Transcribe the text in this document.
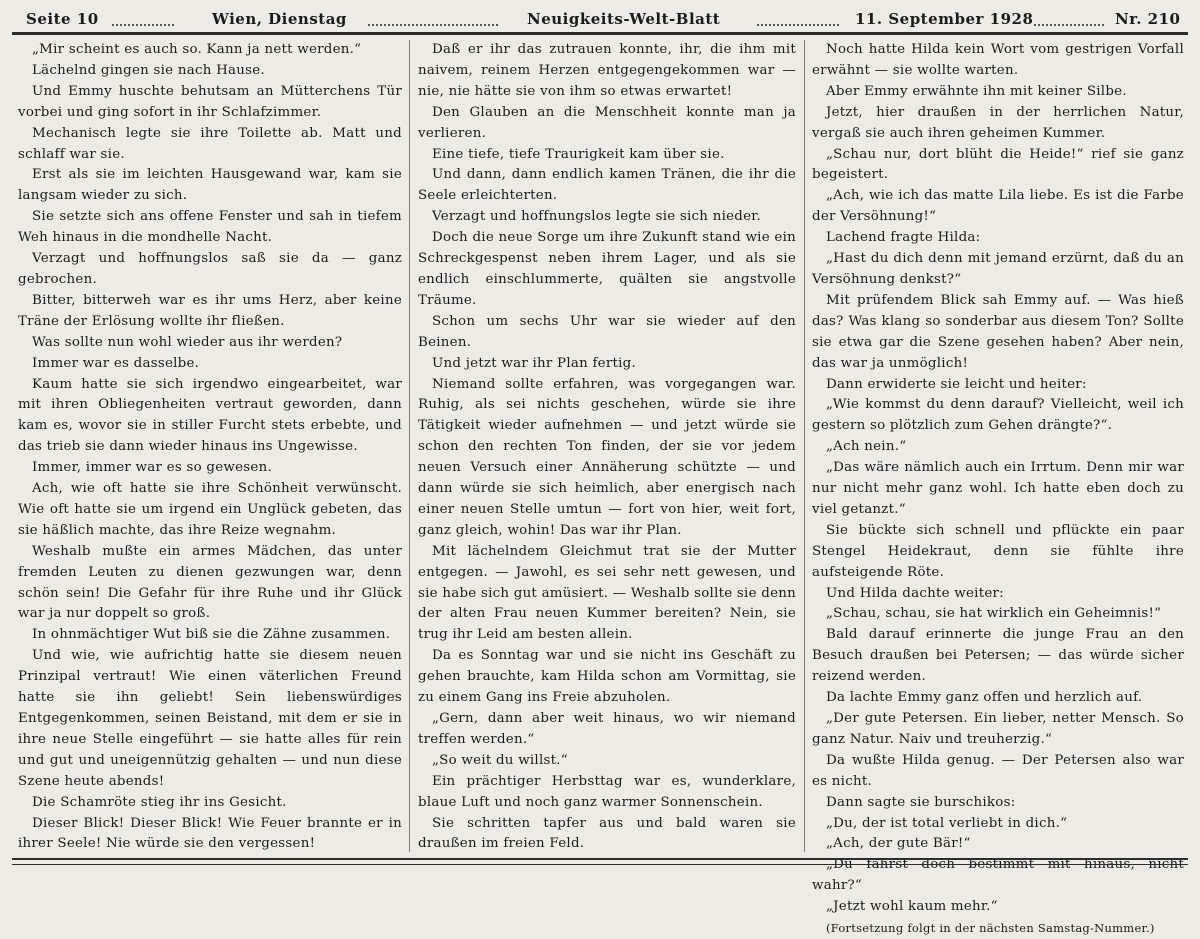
Seite 10	Wien, Dienstag	Neuigkeits-Welt-Blatt	11. September 1928	Nr. 210

„Mir scheint es auch so. Kann ja nett werden.“

Lächelnd gingen sie nach Hause.

Und Emmy huschte behutsam an Mütterchens Tür vorbei und ging sofort in ihr Schlafzimmer.

Mechanisch legte sie ihre Toilette ab. Matt und schlaff war sie.

Erst als sie im leichten Hausgewand war, kam sie langsam wieder zu sich.

Sie setzte sich ans offene Fenster und sah in tiefem Weh hinaus in die mondhelle Nacht.

Verzagt und hoffnungslos saß sie da — ganz gebrochen.

Bitter, bitterweh war es ihr ums Herz, aber keine Träne der Erlösung wollte ihr fließen.

Was sollte nun wohl wieder aus ihr werden?

Immer war es dasselbe.

Kaum hatte sie sich irgendwo eingearbeitet, war mit ihren Obliegenheiten vertraut geworden, dann kam es, wovor sie in stiller Furcht stets erbebte, und das trieb sie dann wieder hinaus ins Ungewisse.

Immer, immer war es so gewesen.

Ach, wie oft hatte sie ihre Schönheit verwünscht. Wie oft hatte sie um irgend ein Unglück gebeten, das sie häßlich machte, das ihre Reize wegnahm.

Weshalb mußte ein armes Mädchen, das unter fremden Leuten zu dienen gezwungen war, denn schön sein! Die Gefahr für ihre Ruhe und ihr Glück war ja nur doppelt so groß.

In ohnmächtiger Wut biß sie die Zähne zusammen.

Und wie, wie aufrichtig hatte sie diesem neuen Prinzipal vertraut! Wie einen väterlichen Freund hatte sie ihn geliebt! Sein liebenswürdiges Entgegenkommen, seinen Beistand, mit dem er sie in ihre neue Stelle eingeführt — sie hatte alles für rein und gut und uneigennützig gehalten — und nun diese Szene heute abends!

Die Schamröte stieg ihr ins Gesicht.

Dieser Blick! Dieser Blick! Wie Feuer brannte er in ihrer Seele! Nie würde sie den vergessen!

Daß er ihr das zutrauen konnte, ihr, die ihm mit naivem, reinem Herzen entgegengekommen war — nie, nie hätte sie von ihm so etwas erwartet!

Den Glauben an die Menschheit konnte man ja verlieren.

Eine tiefe, tiefe Traurigkeit kam über sie.

Und dann, dann endlich kamen Tränen, die ihr die Seele erleichterten.

Verzagt und hoffnungslos legte sie sich nieder.

Doch die neue Sorge um ihre Zukunft stand wie ein Schreckgespenst neben ihrem Lager, und als sie endlich einschlummerte, quälten sie angstvolle Träume.

Schon um sechs Uhr war sie wieder auf den Beinen.

Und jetzt war ihr Plan fertig.

Niemand sollte erfahren, was vorgegangen war. Ruhig, als sei nichts geschehen, würde sie ihre Tätigkeit wieder aufnehmen — und jetzt würde sie schon den rechten Ton finden, der sie vor jedem neuen Versuch einer Annäherung schützte — und dann würde sie sich heimlich, aber energisch nach einer neuen Stelle umtun — fort von hier, weit fort, ganz gleich, wohin! Das war ihr Plan.

Mit lächelndem Gleichmut trat sie der Mutter entgegen. — Jawohl, es sei sehr nett gewesen, und sie habe sich gut amüsiert. — Weshalb sollte sie denn der alten Frau neuen Kummer bereiten? Nein, sie trug ihr Leid am besten allein.

Da es Sonntag war und sie nicht ins Geschäft zu gehen brauchte, kam Hilda schon am Vormittag, sie zu einem Gang ins Freie abzuholen.

„Gern, dann aber weit hinaus, wo wir niemand treffen werden.“

„So weit du willst.“

Ein prächtiger Herbsttag war es, wunderklare, blaue Luft und noch ganz warmer Sonnenschein.

Sie schritten tapfer aus und bald waren sie draußen im freien Feld.

Noch hatte Hilda kein Wort vom gestrigen Vorfall erwähnt — sie wollte warten.

Aber Emmy erwähnte ihn mit keiner Silbe.

Jetzt, hier draußen in der herrlichen Natur, vergaß sie auch ihren geheimen Kummer.

„Schau nur, dort blüht die Heide!“ rief sie ganz begeistert.

„Ach, wie ich das matte Lila liebe. Es ist die Farbe der Versöhnung!“

Lachend fragte Hilda:

„Hast du dich denn mit jemand erzürnt, daß du an Versöhnung denkst?“

Mit prüfendem Blick sah Emmy auf. — Was hieß das? Was klang so sonderbar aus diesem Ton? Sollte sie etwa gar die Szene gesehen haben? Aber nein, das war ja unmöglich!

Dann erwiderte sie leicht und heiter:

„Wie kommst du denn darauf? Vielleicht, weil ich gestern so plötzlich zum Gehen drängte?“.

„Ach nein.“

„Das wäre nämlich auch ein Irrtum. Denn mir war nur nicht mehr ganz wohl. Ich hatte eben doch zu viel getanzt.“

Sie bückte sich schnell und pflückte ein paar Stengel Heidekraut, denn sie fühlte ihre aufsteigende Röte.

Und Hilda dachte weiter:

„Schau, schau, sie hat wirklich ein Geheimnis!“

Bald darauf erinnerte die junge Frau an den Besuch draußen bei Petersen; — das würde sicher reizend werden.

Da lachte Emmy ganz offen und herzlich auf.

„Der gute Petersen. Ein lieber, netter Mensch. So ganz Natur. Naiv und treuherzig.“

Da wußte Hilda genug. — Der Petersen also war es nicht.

Dann sagte sie burschikos:

„Du, der ist total verliebt in dich.“

„Ach, der gute Bär!“

„Du fährst doch bestimmt mit hinaus, nicht wahr?“

„Jetzt wohl kaum mehr.“

(Fortsetzung folgt in der nächsten Samstag-Nummer.)
